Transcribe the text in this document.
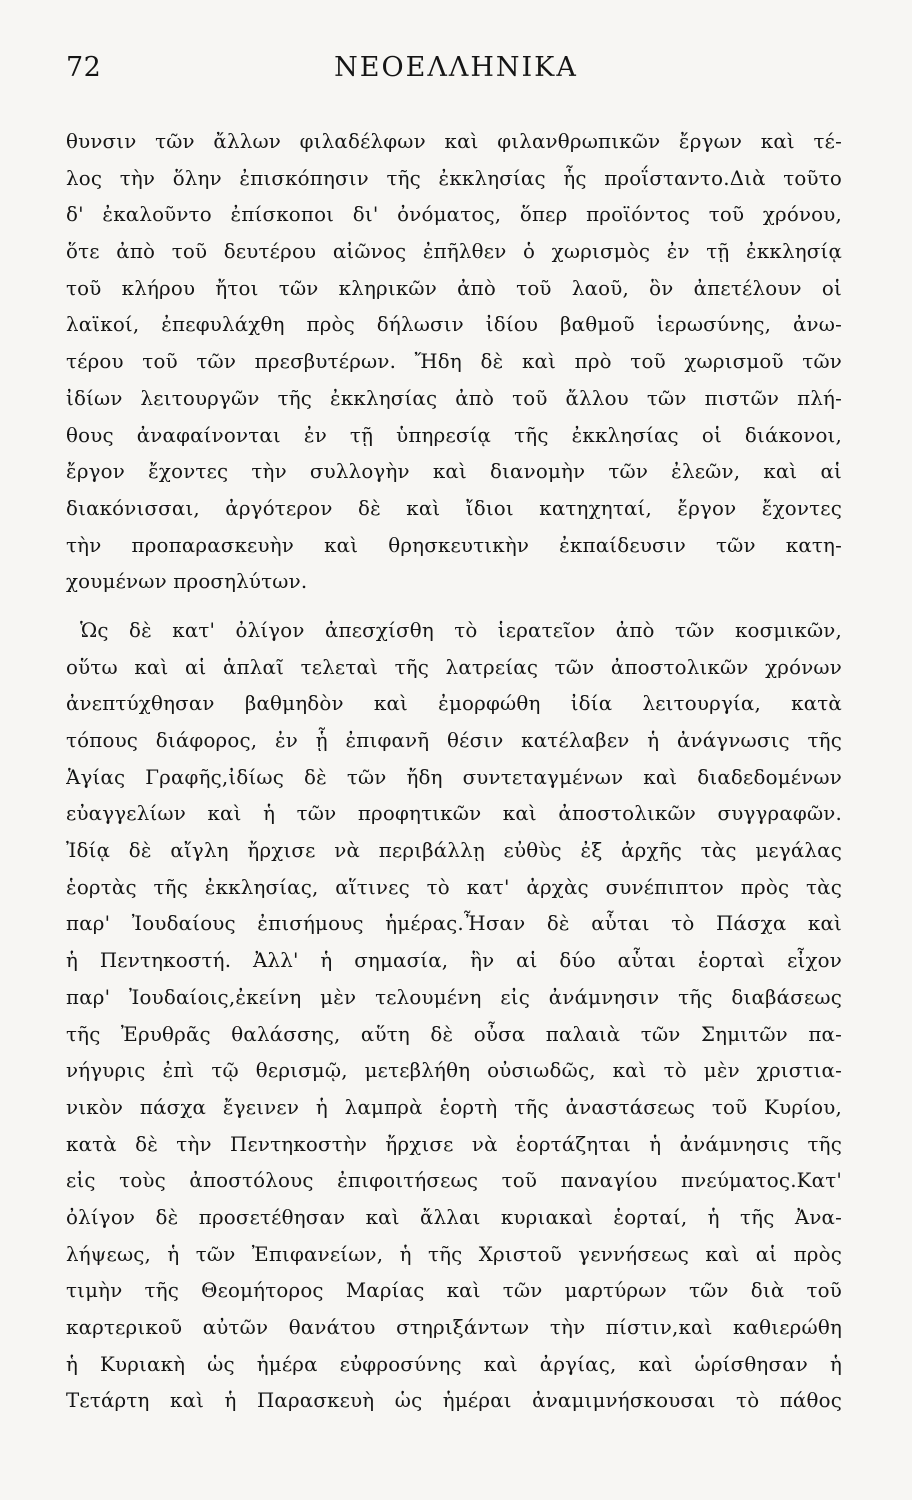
72	ΝΕΟΕΛΛΗΝΙΚΑ
θυνσιν τῶν ἄλλων φιλαδέλφων καὶ φιλανθρωπικῶν ἔργων καὶ τέ-
λος τὴν ὅλην ἐπισκόπησιν τῆς ἐκκλησίας ἧς προΐσταντο.Διὰ τοῦτο
δ' ἐκαλοῦντο ἐπίσκοποι δι' ὀνόματος, ὅπερ προϊόντος τοῦ χρόνου,
ὅτε ἀπὸ τοῦ δευτέρου αἰῶνος ἐπῆλθεν ὁ χωρισμὸς ἐν τῇ ἐκκλησίᾳ
τοῦ κλήρου ἤτοι τῶν κληρικῶν ἀπὸ τοῦ λαοῦ, ὃν ἀπετέλουν οἱ
λαϊκοί, ἐπεφυλάχθη πρὸς δήλωσιν ἰδίου βαθμοῦ ἱερωσύνης, ἀνω-
τέρου τοῦ τῶν πρεσβυτέρων. Ἤδη δὲ καὶ πρὸ τοῦ χωρισμοῦ τῶν
ἰδίων λειτουργῶν τῆς ἐκκλησίας ἀπὸ τοῦ ἄλλου τῶν πιστῶν πλή-
θους ἀναφαίνονται ἐν τῇ ὑπηρεσίᾳ τῆς ἐκκλησίας οἱ διάκονοι,
ἔργον ἔχοντες τὴν συλλογὴν καὶ διανομὴν τῶν ἐλεῶν, καὶ αἱ
διακόνισσαι, ἀργότερον δὲ καὶ ἴδιοι κατηχηταί, ἔργον ἔχοντες
τὴν προπαρασκευὴν καὶ θρησκευτικὴν ἐκπαίδευσιν τῶν κατη-
χουμένων προσηλύτων.
Ὡς δὲ κατ' ὀλίγον ἀπεσχίσθη τὸ ἱερατεῖον ἀπὸ τῶν κοσμικῶν,
οὕτω καὶ αἱ ἁπλαῖ τελεταὶ τῆς λατρείας τῶν ἀποστολικῶν χρόνων
ἀνεπτύχθησαν βαθμηδὸν καὶ ἐμορφώθη ἰδία λειτουργία, κατὰ
τόπους διάφορος, ἐν ᾗ ἐπιφανῆ θέσιν κατέλαβεν ἡ ἀνάγνωσις τῆς
Ἁγίας Γραφῆς,ἰδίως δὲ τῶν ἤδη συντεταγμένων καὶ διαδεδομένων
εὐαγγελίων καὶ ἡ τῶν προφητικῶν καὶ ἀποστολικῶν συγγραφῶν.
Ἰδίᾳ δὲ αἴγλη ἤρχισε νὰ περιβάλλῃ εὐθὺς ἐξ ἀρχῆς τὰς μεγάλας
ἑορτὰς τῆς ἐκκλησίας, αἵτινες τὸ κατ' ἀρχὰς συνέπιπτον πρὸς τὰς
παρ' Ἰουδαίους ἐπισήμους ἡμέρας.Ἦσαν δὲ αὗται τὸ Πάσχα καὶ
ἡ Πεντηκοστή. Ἀλλ' ἡ σημασία, ἣν αἱ δύο αὗται ἑορταὶ εἶχον
παρ' Ἰουδαίοις,ἐκείνη μὲν τελουμένη εἰς ἀνάμνησιν τῆς διαβάσεως
τῆς Ἐρυθρᾶς θαλάσσης, αὕτη δὲ οὖσα παλαιὰ τῶν Σημιτῶν πα-
νήγυρις ἐπὶ τῷ θερισμῷ, μετεβλήθη οὐσιωδῶς, καὶ τὸ μὲν χριστια-
νικὸν πάσχα ἔγεινεν ἡ λαμπρὰ ἑορτὴ τῆς ἀναστάσεως τοῦ Κυρίου,
κατὰ δὲ τὴν Πεντηκοστὴν ἤρχισε νὰ ἑορτάζηται ἡ ἀνάμνησις τῆς
εἰς τοὺς ἀποστόλους ἐπιφοιτήσεως τοῦ παναγίου πνεύματος.Κατ'
ὀλίγον δὲ προσετέθησαν καὶ ἄλλαι κυριακαὶ ἑορταί, ἡ τῆς Ἀνα-
λήψεως, ἡ τῶν Ἐπιφανείων, ἡ τῆς Χριστοῦ γεννήσεως καὶ αἱ πρὸς
τιμὴν τῆς Θεομήτορος Μαρίας καὶ τῶν μαρτύρων τῶν διὰ τοῦ
καρτερικοῦ αὐτῶν θανάτου στηριξάντων τὴν πίστιν,καὶ καθιερώθη
ἡ Κυριακὴ ὡς ἡμέρα εὐφροσύνης καὶ ἀργίας, καὶ ὡρίσθησαν ἡ
Τετάρτη καὶ ἡ Παρασκευὴ ὡς ἡμέραι ἀναμιμνήσκουσαι τὸ πάθος
